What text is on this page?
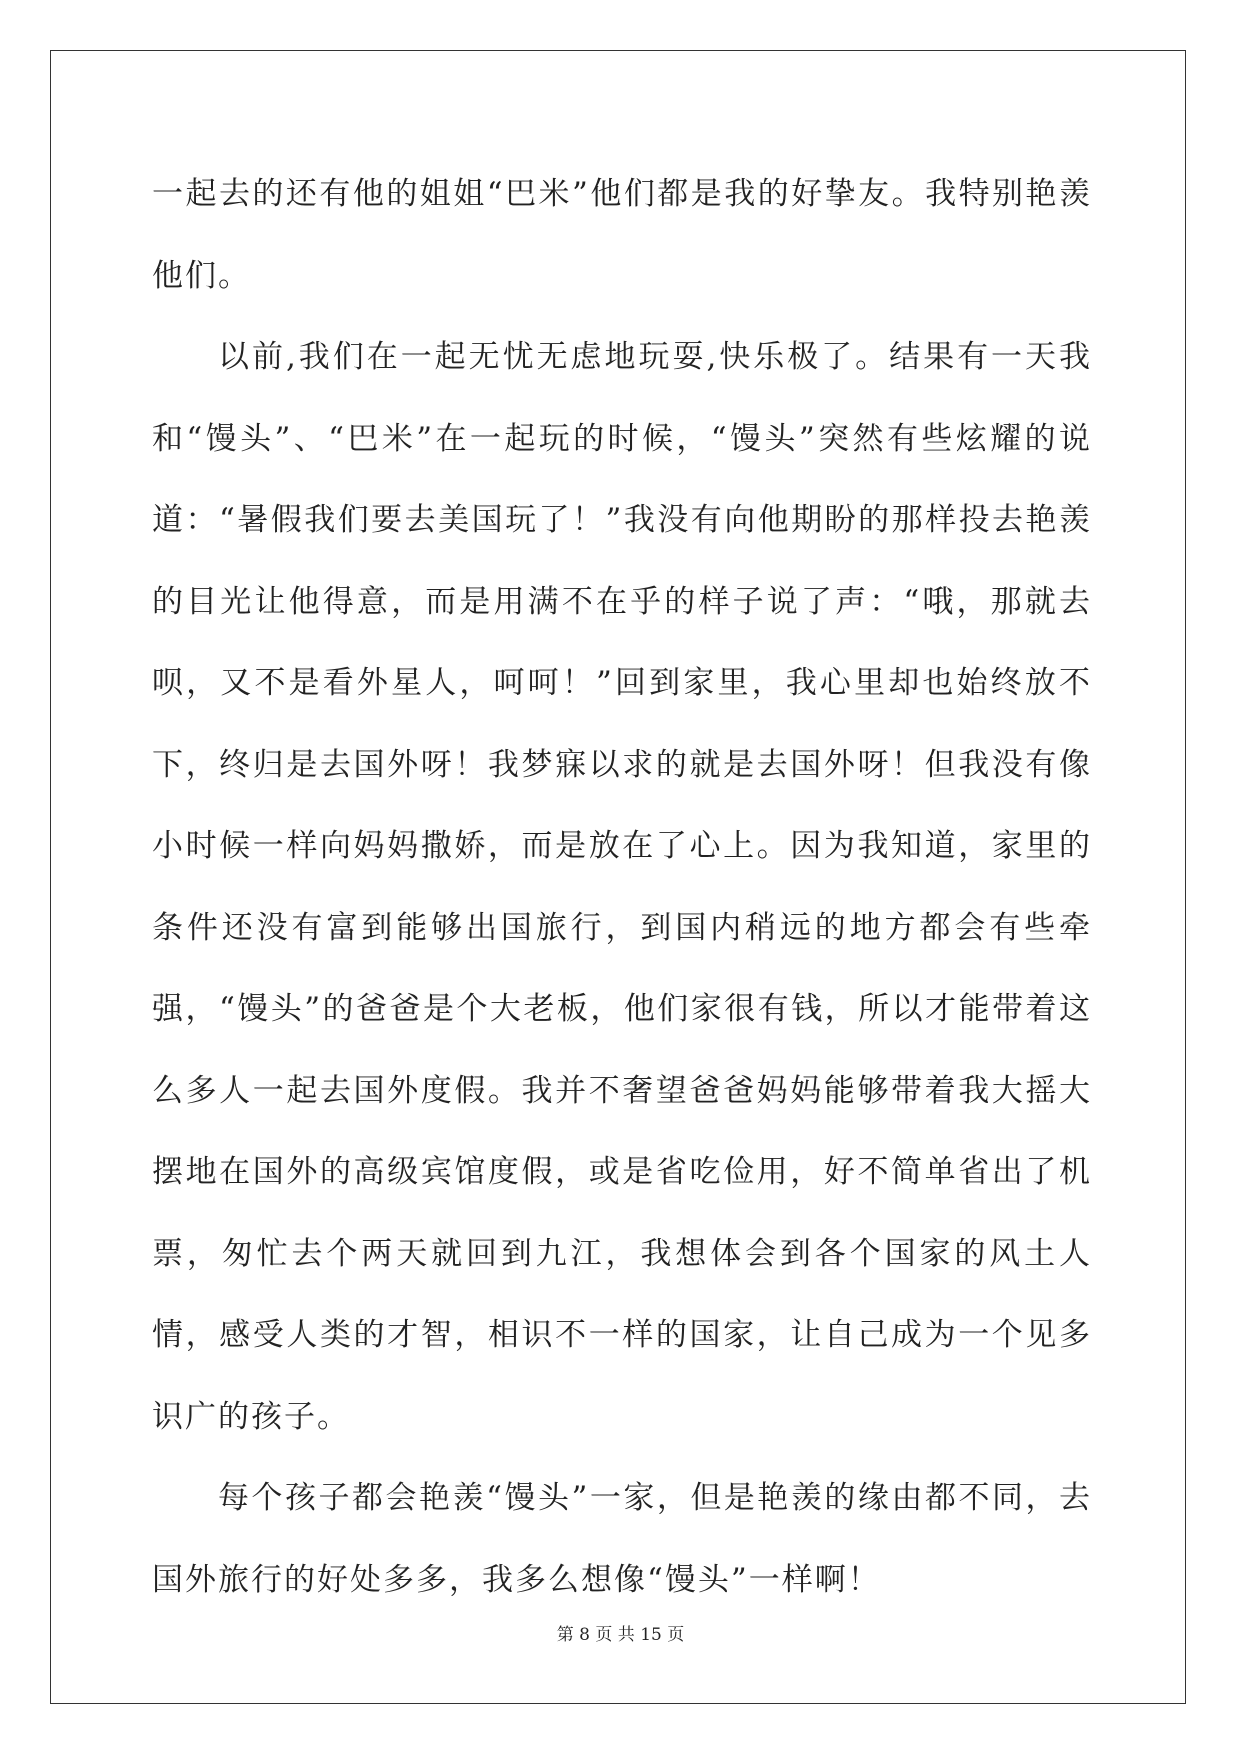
一起去的还有他的姐姐“巴米”他们都是我的好挚友。我特别艳羡他们。

以前,我们在一起无忧无虑地玩耍,快乐极了。结果有一天我和“馒头”、“巴米”在一起玩的时候，“馒头”突然有些炫耀的说道：“暑假我们要去美国玩了！”我没有向他期盼的那样投去艳羡的目光让他得意，而是用满不在乎的样子说了声：“哦，那就去呗，又不是看外星人，呵呵！”回到家里，我心里却也始终放不下，终归是去国外呀！我梦寐以求的就是去国外呀！但我没有像小时候一样向妈妈撒娇，而是放在了心上。因为我知道，家里的条件还没有富到能够出国旅行，到国内稍远的地方都会有些牵强，“馒头”的爸爸是个大老板，他们家很有钱，所以才能带着这么多人一起去国外度假。我并不奢望爸爸妈妈能够带着我大摇大摆地在国外的高级宾馆度假，或是省吃俭用，好不简单省出了机票，匆忙去个两天就回到九江，我想体会到各个国家的风土人情，感受人类的才智，相识不一样的国家，让自己成为一个见多识广的孩子。

每个孩子都会艳羡“馒头”一家，但是艳羡的缘由都不同，去国外旅行的好处多多，我多么想像“馒头”一样啊！

第 8 页 共 15 页
